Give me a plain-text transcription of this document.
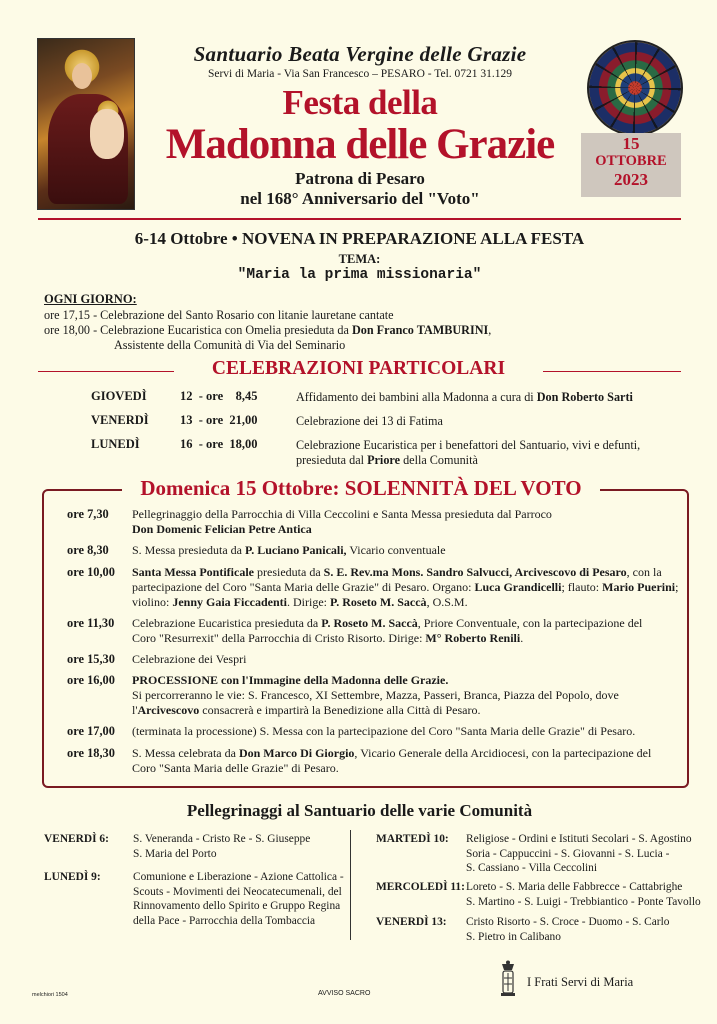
Santuario Beata Vergine delle Grazie
Servi di Maria - Via San Francesco – PESARO - Tel. 0721 31.129
Festa della
Madonna delle Grazie
Patrona di Pesaro
nel 168° Anniversario del "Voto"
15
OTTOBRE
2023
6-14 Ottobre • NOVENA IN PREPARAZIONE ALLA FESTA
TEMA:
"Maria la prima missionaria"
OGNI GIORNO:
ore 17,15 - Celebrazione del Santo Rosario con litanie lauretane cantate
ore 18,00 - Celebrazione Eucaristica con Omelia presieduta da Don Franco TAMBURINI,
Assistente della Comunità di Via del Seminario
CELEBRAZIONI PARTICOLARI
GIOVEDÌ	12  - ore    8,45	Affidamento dei bambini alla Madonna a cura di Don Roberto Sarti
VENERDÌ	13  - ore  21,00	Celebrazione dei 13 di Fatima
LUNEDÌ	16  - ore  18,00	Celebrazione Eucaristica per i benefattori del Santuario, vivi e defunti,
presieduta dal Priore della Comunità
Domenica 15 Ottobre: SOLENNITÀ DEL VOTO
ore 7,30 Pellegrinaggio della Parrocchia di Villa Ceccolini e Santa Messa presieduta dal Parroco
Don Domenic Felician Petre Antica
ore 8,30 S. Messa presieduta da P. Luciano Panicali, Vicario conventuale
ore 10,00 Santa Messa Pontificale presieduta da S. E. Rev.ma Mons. Sandro Salvucci, Arcivescovo di Pesaro, con la
partecipazione del Coro "Santa Maria delle Grazie" di Pesaro. Organo: Luca Grandicelli; flauto: Mario Puerini;
violino: Jenny Gaia Ficcadenti. Dirige: P. Roseto M. Saccà, O.S.M.
ore 11,30 Celebrazione Eucaristica presieduta da P. Roseto M. Saccà, Priore Conventuale, con la partecipazione del
Coro "Resurrexit" della Parrocchia di Cristo Risorto. Dirige: M° Roberto Renili.
ore 15,30 Celebrazione dei Vespri
ore 16,00 PROCESSIONE con l'Immagine della Madonna delle Grazie.
Si percorreranno le vie: S. Francesco, XI Settembre, Mazza, Passeri, Branca, Piazza del Popolo, dove
l'Arcivescovo consacrerà e impartirà la Benedizione alla Città di Pesaro.
ore 17,00 (terminata la processione) S. Messa con la partecipazione del Coro "Santa Maria delle Grazie" di Pesaro.
ore 18,30 S. Messa celebrata da Don Marco Di Giorgio, Vicario Generale della Arcidiocesi, con la partecipazione del
Coro "Santa Maria delle Grazie" di Pesaro.
Pellegrinaggi al Santuario delle varie Comunità
VENERDÌ 6: S. Veneranda - Cristo Re - S. Giuseppe
S. Maria del Porto
LUNEDÌ 9:	Comunione e Liberazione - Azione Cattolica -
Scouts - Movimenti dei Neocatecumenali, del
Rinnovamento dello Spirito e Gruppo Regina
della Pace - Parrocchia della Tombaccia
MARTEDÌ 10: Religiose - Ordini e Istituti Secolari - S. Agostino
Soria - Cappuccini - S. Giovanni - S. Lucia -
S. Cassiano - Villa Ceccolini
MERCOLEDÌ 11: Loreto - S. Maria delle Fabbrecce - Cattabrighe
S. Martino - S. Luigi - Trebbiantico - Ponte Tavollo
VENERDÌ 13: Cristo Risorto - S. Croce - Duomo - S. Carlo
S. Pietro in Calibano
melchiori 1504	AVVISO SACRO
I Frati Servi di Maria
